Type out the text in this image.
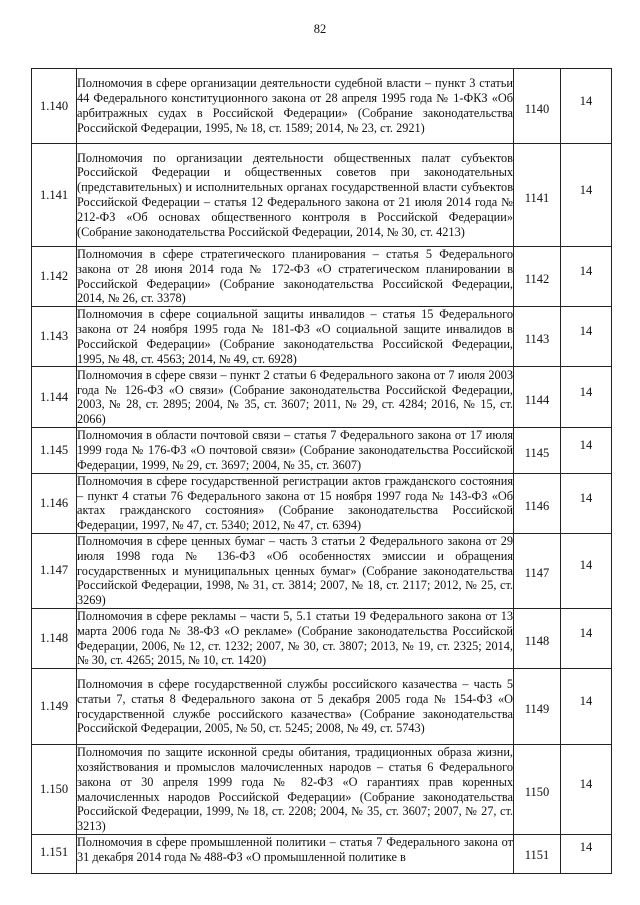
82
1.140	Полномочия в сфере организации деятельности судебной власти – пункт 3 статьи 44 Федерального конституционного закона от 28 апреля 1995 года № 1-ФКЗ «Об арбитражных судах в Российской Федерации» (Собрание законодательства Российской Федерации, 1995, № 18, ст. 1589; 2014, № 23, ст. 2921)	1140	14
1.141	Полномочия по организации деятельности общественных палат субъектов Российской Федерации и общественных советов при законодательных (представительных) и исполнительных органах государственной власти субъектов Российской Федерации – статья 12 Федерального закона от 21 июля 2014 года № 212-ФЗ «Об основах общественного контроля в Российской Федерации» (Собрание законодательства Российской Федерации, 2014, № 30, ст. 4213)	1141	14
1.142	Полномочия в сфере стратегического планирования – статья 5 Федерального закона от 28 июня 2014 года № 172-ФЗ «О стратегическом планировании в Российской Федерации» (Собрание законодательства Российской Федерации, 2014, № 26, ст. 3378)	1142	14
1.143	Полномочия в сфере социальной защиты инвалидов – статья 15 Федерального закона от 24 ноября 1995 года № 181-ФЗ «О социальной защите инвалидов в Российской Федерации» (Собрание законодательства Российской Федерации, 1995, № 48, ст. 4563; 2014, № 49, ст. 6928)	1143	14
1.144	Полномочия в сфере связи – пункт 2 статьи 6 Федерального закона от 7 июля 2003 года № 126-ФЗ «О связи» (Собрание законодательства Российской Федерации, 2003, № 28, ст. 2895; 2004, № 35, ст. 3607; 2011, № 29, ст. 4284; 2016, № 15, ст. 2066)	1144	14
1.145	Полномочия в области почтовой связи – статья 7 Федерального закона от 17 июля 1999 года № 176-ФЗ «О почтовой связи» (Собрание законодательства Российской Федерации, 1999, № 29, ст. 3697; 2004, № 35, ст. 3607)	1145	14
1.146	Полномочия в сфере государственной регистрации актов гражданского состояния – пункт 4 статьи 76 Федерального закона от 15 ноября 1997 года № 143-ФЗ «Об актах гражданского состояния» (Собрание законодательства Российской Федерации, 1997, № 47, ст. 5340; 2012, № 47, ст. 6394)	1146	14
1.147	Полномочия в сфере ценных бумаг – часть 3 статьи 2 Федерального закона от 29 июля 1998 года № 136-ФЗ «Об особенностях эмиссии и обращения государственных и муниципальных ценных бумаг» (Собрание законодательства Российской Федерации, 1998, № 31, ст. 3814; 2007, № 18, ст. 2117; 2012, № 25, ст. 3269)	1147	14
1.148	Полномочия в сфере рекламы – части 5, 5.1 статьи 19 Федерального закона от 13 марта 2006 года № 38-ФЗ «О рекламе» (Собрание законодательства Российской Федерации, 2006, № 12, ст. 1232; 2007, № 30, ст. 3807; 2013, № 19, ст. 2325; 2014, № 30, ст. 4265; 2015, № 10, ст. 1420)	1148	14
1.149	Полномочия в сфере государственной службы российского казачества – часть 5 статьи 7, статья 8 Федерального закона от 5 декабря 2005 года № 154-ФЗ «О государственной службе российского казачества» (Собрание законодательства Российской Федерации, 2005, № 50, ст. 5245; 2008, № 49, ст. 5743)	1149	14
1.150	Полномочия по защите исконной среды обитания, традиционных образа жизни, хозяйствования и промыслов малочисленных народов – статья 6 Федерального закона от 30 апреля 1999 года № 82-ФЗ «О гарантиях прав коренных малочисленных народов Российской Федерации» (Собрание законодательства Российской Федерации, 1999, № 18, ст. 2208; 2004, № 35, ст. 3607; 2007, № 27, ст. 3213)	1150	14
1.151	Полномочия в сфере промышленной политики – статья 7 Федерального закона от 31 декабря 2014 года № 488-ФЗ «О промышленной политике в	1151	14
